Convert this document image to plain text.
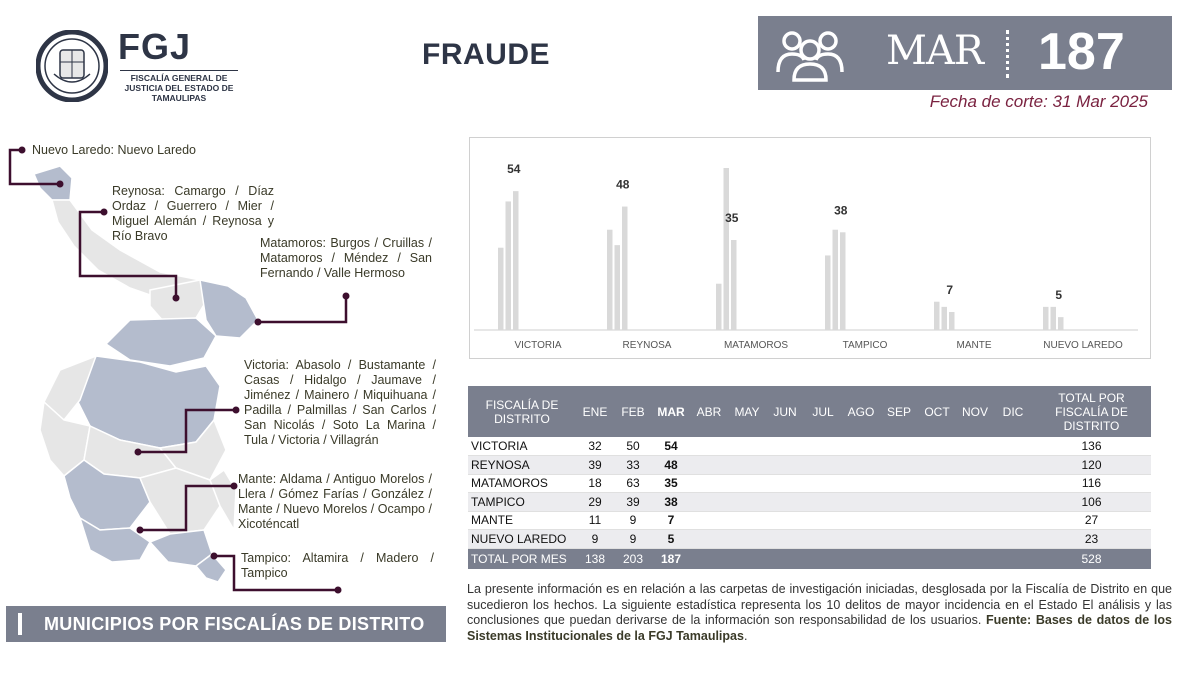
FGJ
FISCALÍA GENERAL DE JUSTICIA DEL ESTADO DE TAMAULIPAS
FRAUDE	MAR 187
Fecha de corte: 31 Mar 2025
Nuevo Laredo: Nuevo Laredo
Reynosa: Camargo / Díaz Ordaz / Guerrero / Mier / Miguel Alemán / Reynosa y Río Bravo	Matamoros: Burgos / Cruillas / Matamoros / Méndez / San Fernando / Valle Hermoso
Victoria: Abasolo / Bustamante / Casas / Hidalgo / Jaumave / Jiménez / Mainero / Miquihuana / Padilla / Palmillas / San Carlos / San Nicolás / Soto La Marina / Tula / Victoria / Villagrán
Mante: Aldama / Antiguo Morelos / Llera / Gómez Farías / González / Mante / Nuevo Morelos / Ocampo / Xicoténcatl
Tampico: Altamira / Madero / Tampico
MUNICIPIOS POR FISCALÍAS DE DISTRITO
54
VICTORIA
48
REYNOSA
35
MATAMOROS
38
TAMPICO
7
MANTE
5
NUEVO LAREDO
FISCALÍA DE DISTRITO	ENE	FEB	MAR	ABR	MAY	JUN	JUL	AGO	SEP	OCT	NOV	DIC	TOTAL POR FISCALÍA DE DISTRITO
VICTORIA	32	50	54										136
REYNOSA	39	33	48										120
MATAMOROS	18	63	35										116
TAMPICO	29	39	38										106
MANTE	11	9	7										27
NUEVO LAREDO	9	9	5										23
TOTAL POR MES	138	203	187										528
La presente información es en relación a las carpetas de investigación iniciadas, desglosada por la Fiscalía de Distrito en que sucedieron los hechos. La siguiente estadística representa los 10 delitos de mayor incidencia en el Estado El análisis y las conclusiones que puedan derivarse de la información son responsabilidad de los usuarios. Fuente: Bases de datos de los Sistemas Institucionales de la FGJ Tamaulipas.
